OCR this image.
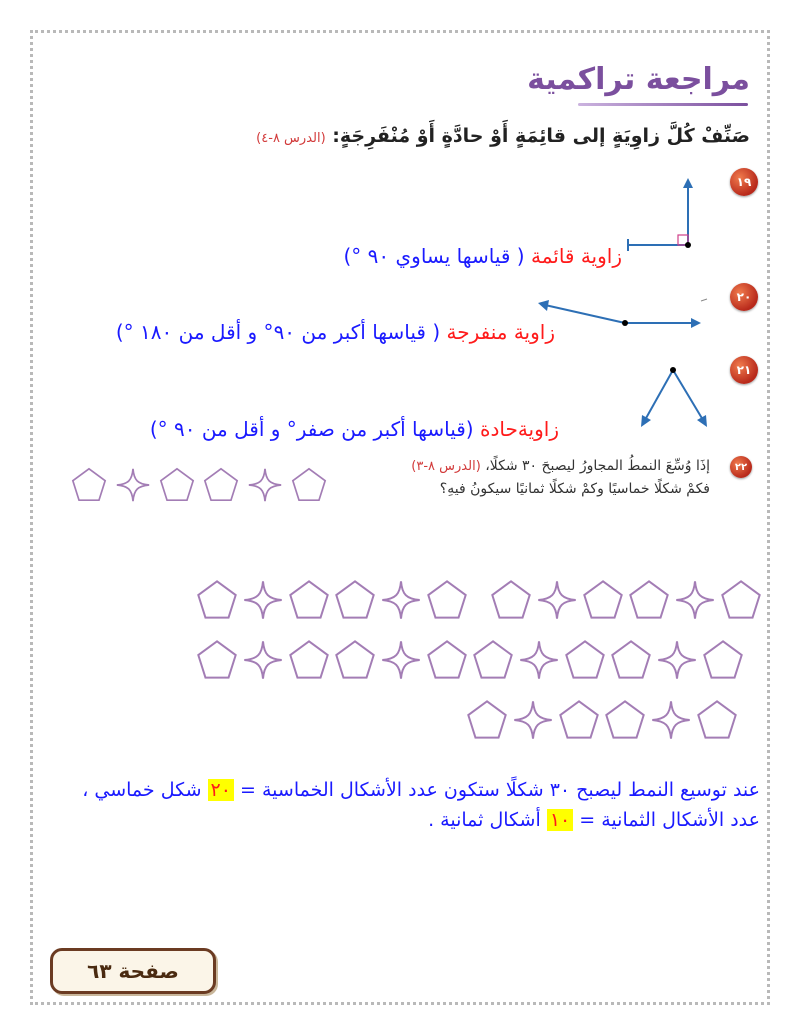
مراجعة تراكمية
صَنِّفْ كُلَّ زاوِيَةٍ إلى قائِمَةٍ أَوْ حادَّةٍ أَوْ مُنْفَرِجَةٍ: (الدرس ٨-٤)
١٩
زاوية قائمة ( قياسها يساوي ٩٠ °)
٢٠
زاوية منفرجة ( قياسها أكبر من ٩٠° و أقل من ١٨٠ °)
٢١
زاويةحادة (قياسها أكبر من صفر° و أقل من ٩٠ °)
٢٢
إذَا وُسِّعَ النمطُ المجاورُ ليصبحَ ٣٠ شكلًا، (الدرس ٨-٣)
فكمْ شكلًا خماسيًا وكمْ شكلًا ثمانيًا سيكونُ فيهِ؟
عند توسيع النمط ليصبح ٣٠ شكلًا ستكون عدد الأشكال الخماسية = ٢٠ شكل خماسي ،
عدد الأشكال الثمانية = ١٠ أشكال ثمانية .
صفحة ٦٣
